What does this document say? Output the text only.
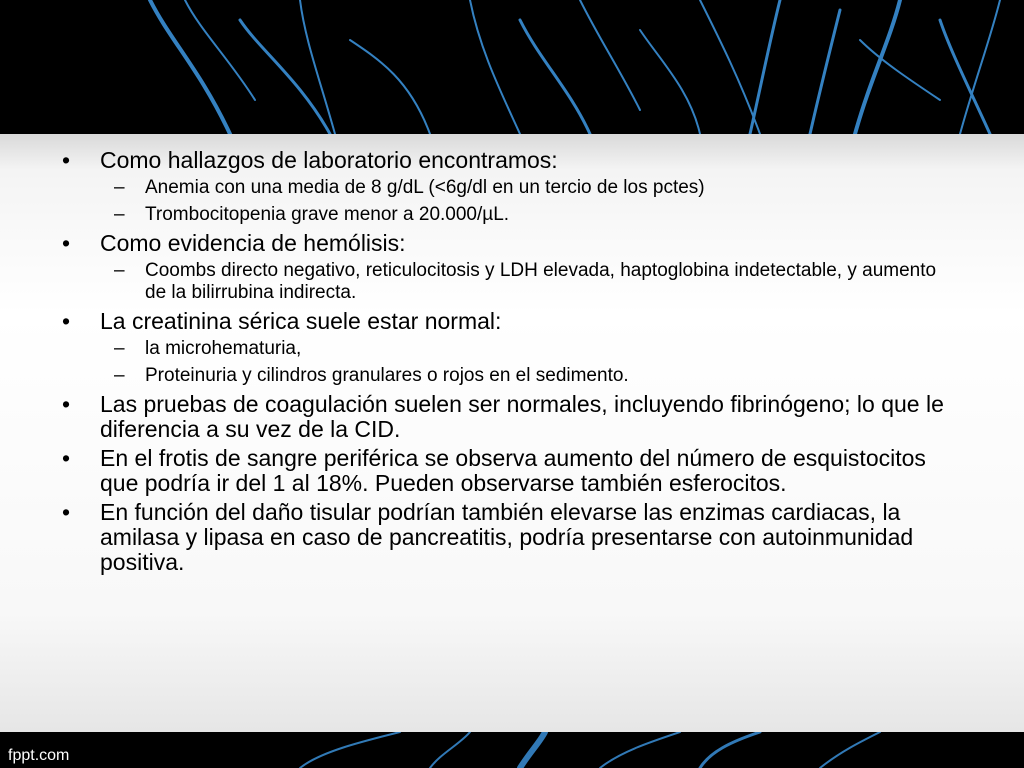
• Como hallazgos de laboratorio encontramos:
– Anemia con una media de 8 g/dL (<6g/dl en un tercio de los pctes)
– Trombocitopenia grave menor a 20.000/µL.
• Como evidencia de hemólisis:
– Coombs directo negativo, reticulocitosis y LDH elevada, haptoglobina indetectable, y aumento de la bilirrubina indirecta.
• La creatinina sérica suele estar normal:
– la microhematuria,
– Proteinuria y cilindros granulares o rojos en el sedimento.
• Las pruebas de coagulación suelen ser normales, incluyendo fibrinógeno; lo que le diferencia a su vez de la CID.
• En el frotis de sangre periférica se observa aumento del número de esquistocitos que podría ir del 1 al 18%. Pueden observarse también esferocitos.
• En función del daño tisular podrían también elevarse las enzimas cardiacas, la amilasa y lipasa en caso de pancreatitis, podría presentarse con autoinmunidad positiva.
fppt.com
